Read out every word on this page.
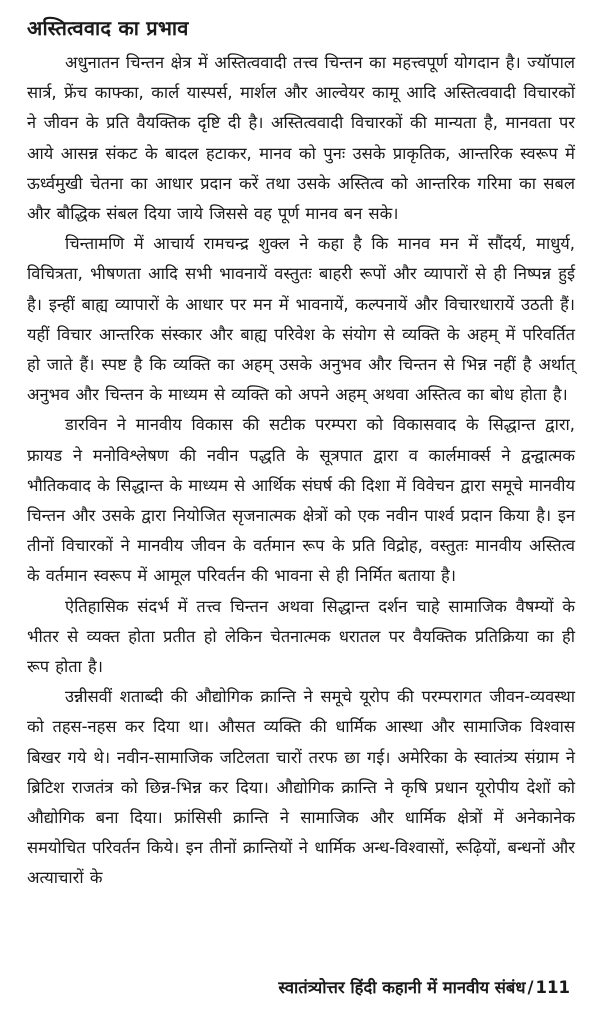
अस्तित्ववाद का प्रभाव

अधुनातन चिन्तन क्षेत्र में अस्तित्ववादी तत्त्व चिन्तन का महत्त्वपूर्ण योगदान है। ज्यॉपाल सार्त्र, फ्रेंच काफ्का, कार्ल यास्पर्स, मार्शल और आल्वेयर कामू आदि अस्तित्ववादी विचारकों ने जीवन के प्रति वैयक्तिक दृष्टि दी है। अस्तित्ववादी विचारकों की मान्यता है, मानवता पर आये आसन्न संकट के बादल हटाकर, मानव को पुनः उसके प्राकृतिक, आन्तरिक स्वरूप में ऊर्ध्वमुखी चेतना का आधार प्रदान करें तथा उसके अस्तित्व को आन्तरिक गरिमा का सबल और बौद्धिक संबल दिया जाये जिससे वह पूर्ण मानव बन सके।

चिन्तामणि में आचार्य रामचन्द्र शुक्ल ने कहा है कि मानव मन में सौंदर्य, माधुर्य, विचित्रता, भीषणता आदि सभी भावनायें वस्तुतः बाहरी रूपों और व्यापारों से ही निष्पन्न हुई है। इन्हीं बाह्य व्यापारों के आधार पर मन में भावनायें, कल्पनायें और विचारधारायें उठती हैं। यहीं विचार आन्तरिक संस्कार और बाह्य परिवेश के संयोग से व्यक्ति के अहम् में परिवर्तित हो जाते हैं। स्पष्ट है कि व्यक्ति का अहम् उसके अनुभव और चिन्तन से भिन्न नहीं है अर्थात् अनुभव और चिन्तन के माध्यम से व्यक्ति को अपने अहम् अथवा अस्तित्व का बोध होता है।

डारविन ने मानवीय विकास की सटीक परम्परा को विकासवाद के सिद्धान्त द्वारा, फ्रायड ने मनोविश्लेषण की नवीन पद्धति के सूत्रपात द्वारा व कार्लमार्क्स ने द्वन्द्वात्मक भौतिकवाद के सिद्धान्त के माध्यम से आर्थिक संघर्ष की दिशा में विवेचन द्वारा समूचे मानवीय चिन्तन और उसके द्वारा नियोजित सृजनात्मक क्षेत्रों को एक नवीन पार्श्व प्रदान किया है। इन तीनों विचारकों ने मानवीय जीवन के वर्तमान रूप के प्रति विद्रोह, वस्तुतः मानवीय अस्तित्व के वर्तमान स्वरूप में आमूल परिवर्तन की भावना से ही निर्मित बताया है।

ऐतिहासिक संदर्भ में तत्त्व चिन्तन अथवा सिद्धान्त दर्शन चाहे सामाजिक वैषम्यों के भीतर से व्यक्त होता प्रतीत हो लेकिन चेतनात्मक धरातल पर वैयक्तिक प्रतिक्रिया का ही रूप होता है।

उन्नीसवीं शताब्दी की औद्योगिक क्रान्ति ने समूचे यूरोप की परम्परागत जीवन-व्यवस्था को तहस-नहस कर दिया था। औसत व्यक्ति की धार्मिक आस्था और सामाजिक विश्वास बिखर गये थे। नवीन-सामाजिक जटिलता चारों तरफ छा गई। अमेरिका के स्वातंत्र्य संग्राम ने ब्रिटिश राजतंत्र को छिन्न-भिन्न कर दिया। औद्योगिक क्रान्ति ने कृषि प्रधान यूरोपीय देशों को औद्योगिक बना दिया। फ्रांसिसी क्रान्ति ने सामाजिक और धार्मिक क्षेत्रों में अनेकानेक समयोचित परिवर्तन किये। इन तीनों क्रान्तियों ने धार्मिक अन्ध-विश्वासों, रूढ़ियों, बन्धनों और अत्याचारों के

स्वातंत्र्योत्तर हिंदी कहानी में मानवीय संबंध / 111
